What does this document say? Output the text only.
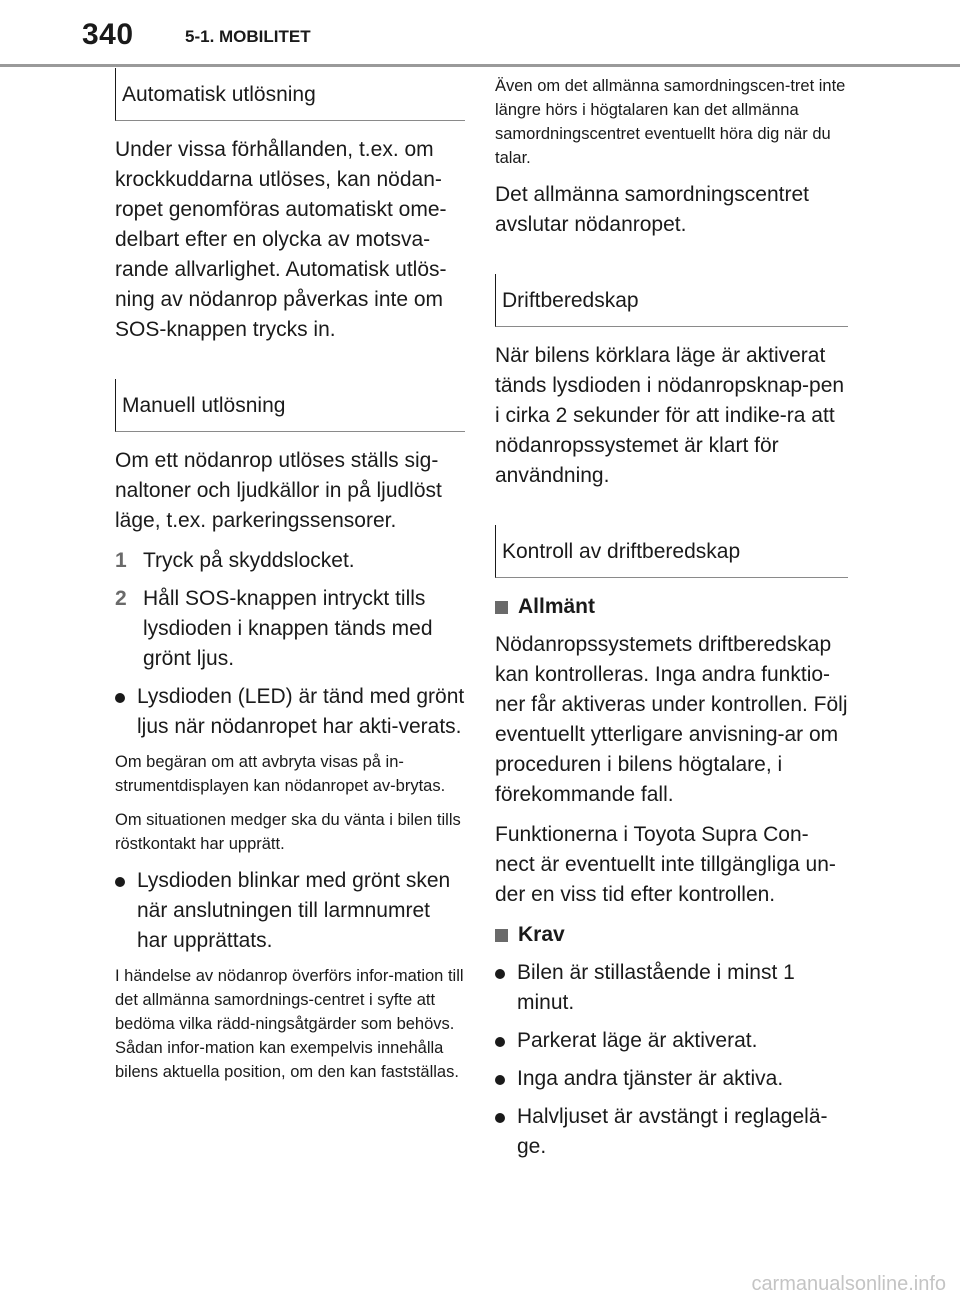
340	5-1. MOBILITET
Automatisk utlösning

Under vissa förhållanden, t.ex. om krockkuddarna utlöses, kan nödan-ropet genomföras automatiskt ome-delbart efter en olycka av motsva-rande allvarlighet. Automatisk utlös-ning av nödanrop påverkas inte om SOS-knappen trycks in.

Manuell utlösning

Om ett nödanrop utlöses ställs sig-naltoner och ljudkällor in på ljudlöst läge, t.ex. parkeringssensorer.

1 Tryck på skyddslocket.
2 Håll SOS-knappen intryckt tills lysdioden i knappen tänds med grönt ljus.
Lysdioden (LED) är tänd med grönt ljus när nödanropet har akti-verats.

Om begäran om att avbryta visas på in-strumentdisplayen kan nödanropet av-brytas.

Om situationen medger ska du vänta i bilen tills röstkontakt har upprätt.

Lysdioden blinkar med grönt sken när anslutningen till larmnumret har upprättats.

I händelse av nödanrop överförs infor-mation till det allmänna samordnings-centret i syfte att bedöma vilka rädd-ningsåtgärder som behövs. Sådan infor-mation kan exempelvis innehålla bilens aktuella position, om den kan fastställas.

Även om det allmänna samordningscen-tret inte längre hörs i högtalaren kan det allmänna samordningscentret eventuellt höra dig när du talar.

Det allmänna samordningscentret avslutar nödanropet.

Driftberedskap

När bilens körklara läge är aktiverat tänds lysdioden i nödanropsknap-pen i cirka 2 sekunder för att indike-ra att nödanropssystemet är klart för användning.

Kontroll av driftberedskap
Allmänt

Nödanropssystemets driftberedskap kan kontrolleras. Inga andra funktio-ner får aktiveras under kontrollen. Följ eventuellt ytterligare anvisning-ar om proceduren i bilens högtalare, i förekommande fall.

Funktionerna i Toyota Supra Con-nect är eventuellt inte tillgängliga un-der en viss tid efter kontrollen.

Krav
Bilen är stillastående i minst 1 minut.
Parkerat läge är aktiverat.
Inga andra tjänster är aktiva.
Halvljuset är avstängt i reglagelä-ge.
carmanualsonline.info
